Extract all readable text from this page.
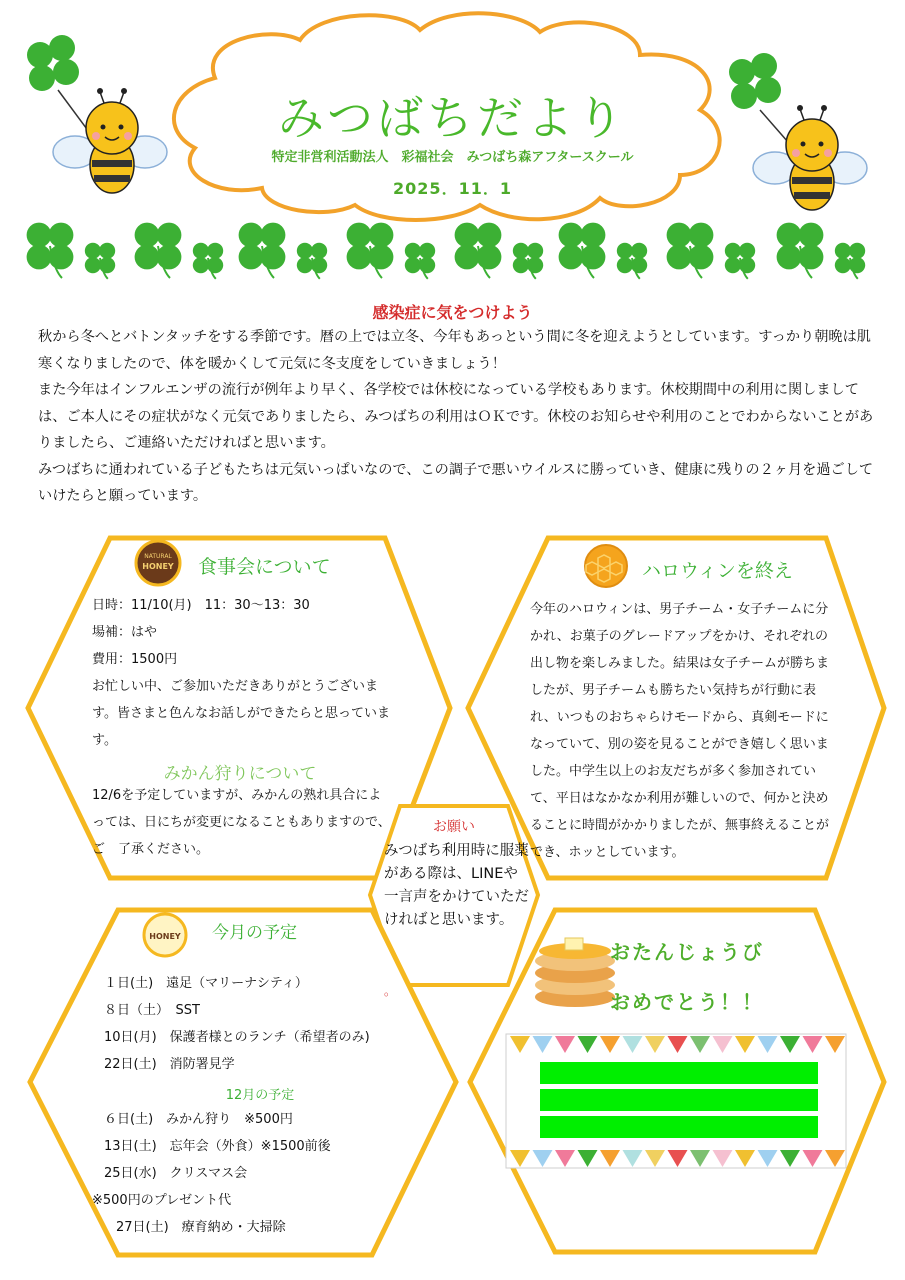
NATURAL
HONEY
HONEY
みつばちだより
特定非営利活動法人　彩福社会　みつばち森アフタースクール
2025．11．1
感染症に気をつけよう

秋から冬へとバトンタッチをする季節です。暦の上では立冬、今年もあっという間に冬を迎えようとしています。すっかり朝晩は肌寒くなりましたので、体を暖かくして元気に冬支度をしていきましょう！

また今年はインフルエンザの流行が例年より早く、各学校では休校になっている学校もあります。休校期間中の利用に関しましては、ご本人にその症状がなく元気でありましたら、みつばちの利用はＯＫです。休校のお知らせや利用のことでわからないことがありましたら、ご連絡いただければと思います。

みつばちに通われている子どもたちは元気いっぱいなので、この調子で悪いウイルスに勝っていき、健康に残りの２ヶ月を過ごしていけたらと願っています。

食事会について

日時：11/10(月)　11：30〜13：30

場補：はや

費用：1500円

お忙しい中、ご参加いただきありがとうございます。皆さまと色んなお話しができたらと思っています。

みかん狩りについて
12/6を予定していますが、みかんの熟れ具合によっては、日にちが変更になることもありますので、ご　了承ください。
ハロウィンを終え
今年のハロウィンは、男子チーム・女子チームに分かれ、お菓子のグレードアップをかけ、それぞれの出し物を楽しみました。結果は女子チームが勝ちましたが、男子チームも勝ちたい気持ちが行動に表れ、いつものおちゃらけモードから、真剣モードになっていて、別の姿を見ることができ嬉しく思いました。中学生以上のお友だちが多く参加されていて、平日はなかなか利用が難しいので、何かと決めることに時間がかかりましたが、無事終えることができ、ホッとしています。
お願い
みつばち利用時に服薬がある際は、LINEや一言声をかけていただければと思います。
。
今月の予定

１日(土)　遠足（マリーナシティ）

８日（土）　SST

10日(月)　保護者様とのランチ（希望者のみ)

22日(土)　消防署見学

12月の予定

６日(土)　みかん狩り　※500円

13日(土)　忘年会（外食）※1500前後

25日(水)　クリスマス会

※500円のプレゼント代

27日(土)　療育納め・大掃除

おたんじょうび
おめでとう！！
